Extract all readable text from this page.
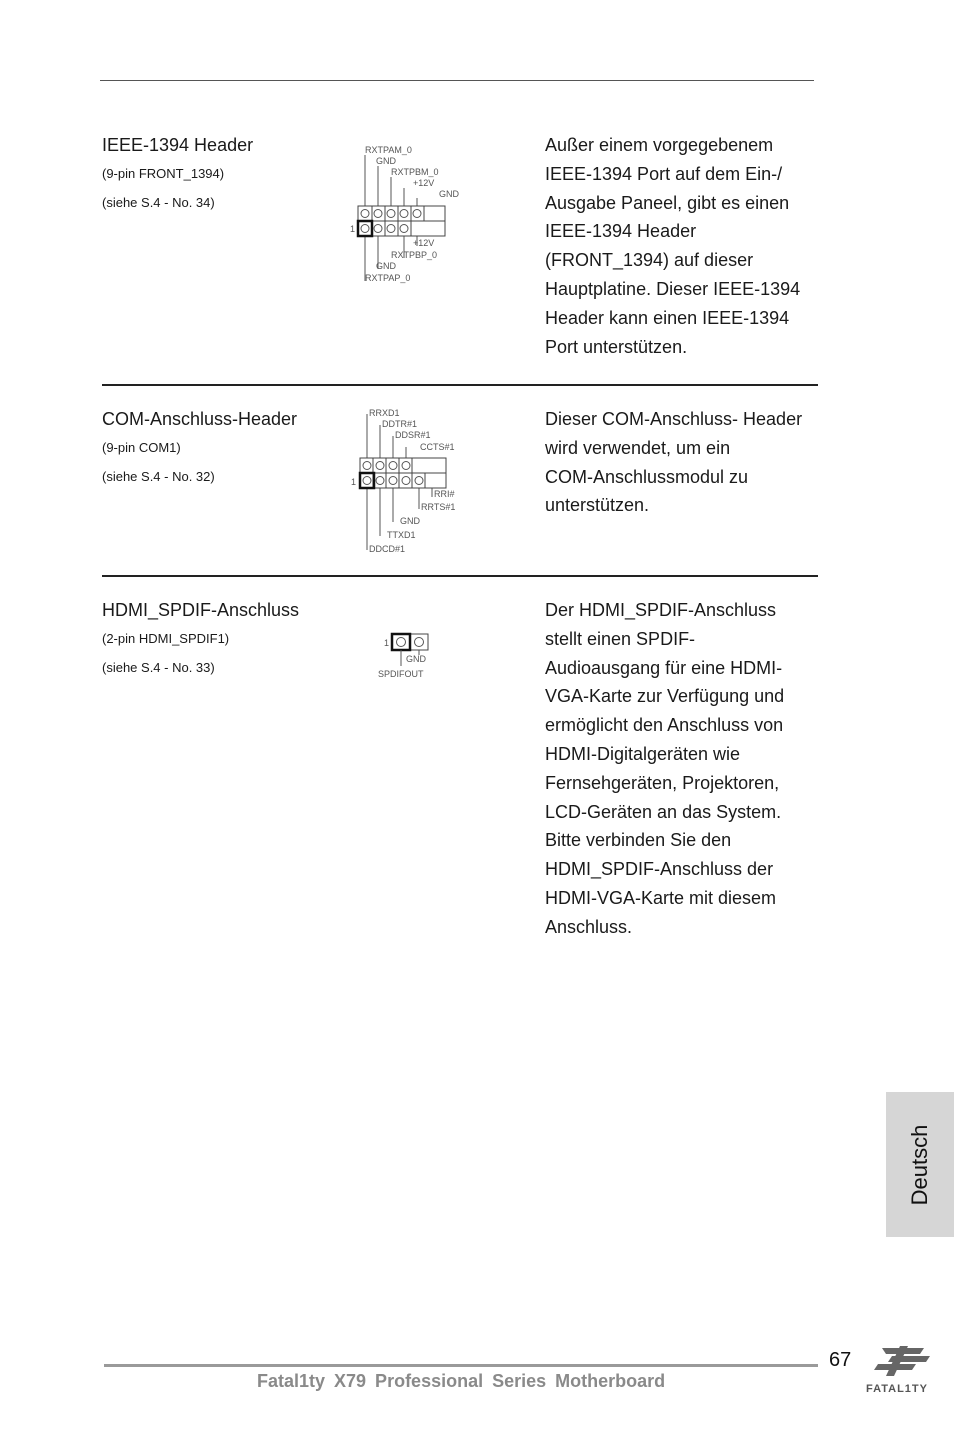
IEEE-1394 Header
(9-pin FRONT_1394)
(siehe S.4 - No. 34)
RXTPAM_0
GND
RXTPBM_0
+12V
GND
+12V
RXTPBP_0
GND
RXTPAP_0
1
Außer einem vorgegebenem
IEEE-1394 Port auf dem Ein-/
Ausgabe Paneel, gibt es einen
IEEE-1394 Header
(FRONT_1394) auf dieser
Hauptplatine. Dieser IEEE-1394
Header kann einen IEEE-1394
Port unterstützen.
COM-Anschluss-Header
(9-pin COM1)
(siehe S.4 - No. 32)
RRXD1
DDTR#1
DDSR#1
CCTS#1
RRI#
RRTS#1
GND
TTXD1
DDCD#1
1
Dieser COM-Anschluss- Header
wird verwendet, um ein
COM-Anschlussmodul zu
unterstützen.
HDMI_SPDIF-Anschluss
(2-pin HDMI_SPDIF1)
(siehe S.4 - No. 33)
1
GND
SPDIFOUT
Der HDMI_SPDIF-Anschluss
stellt einen SPDIF-
Audioausgang für eine HDMI-
VGA-Karte zur Verfügung und
ermöglicht den Anschluss von
HDMI-Digitalgeräten wie
Fernsehgeräten, Projektoren,
LCD-Geräten an das System.
Bitte verbinden Sie den
HDMI_SPDIF-Anschluss der
HDMI-VGA-Karte mit diesem
Anschluss.
Deutsch
67
Fatal1ty X79 Professional Series Motherboard	FATAL1TY
